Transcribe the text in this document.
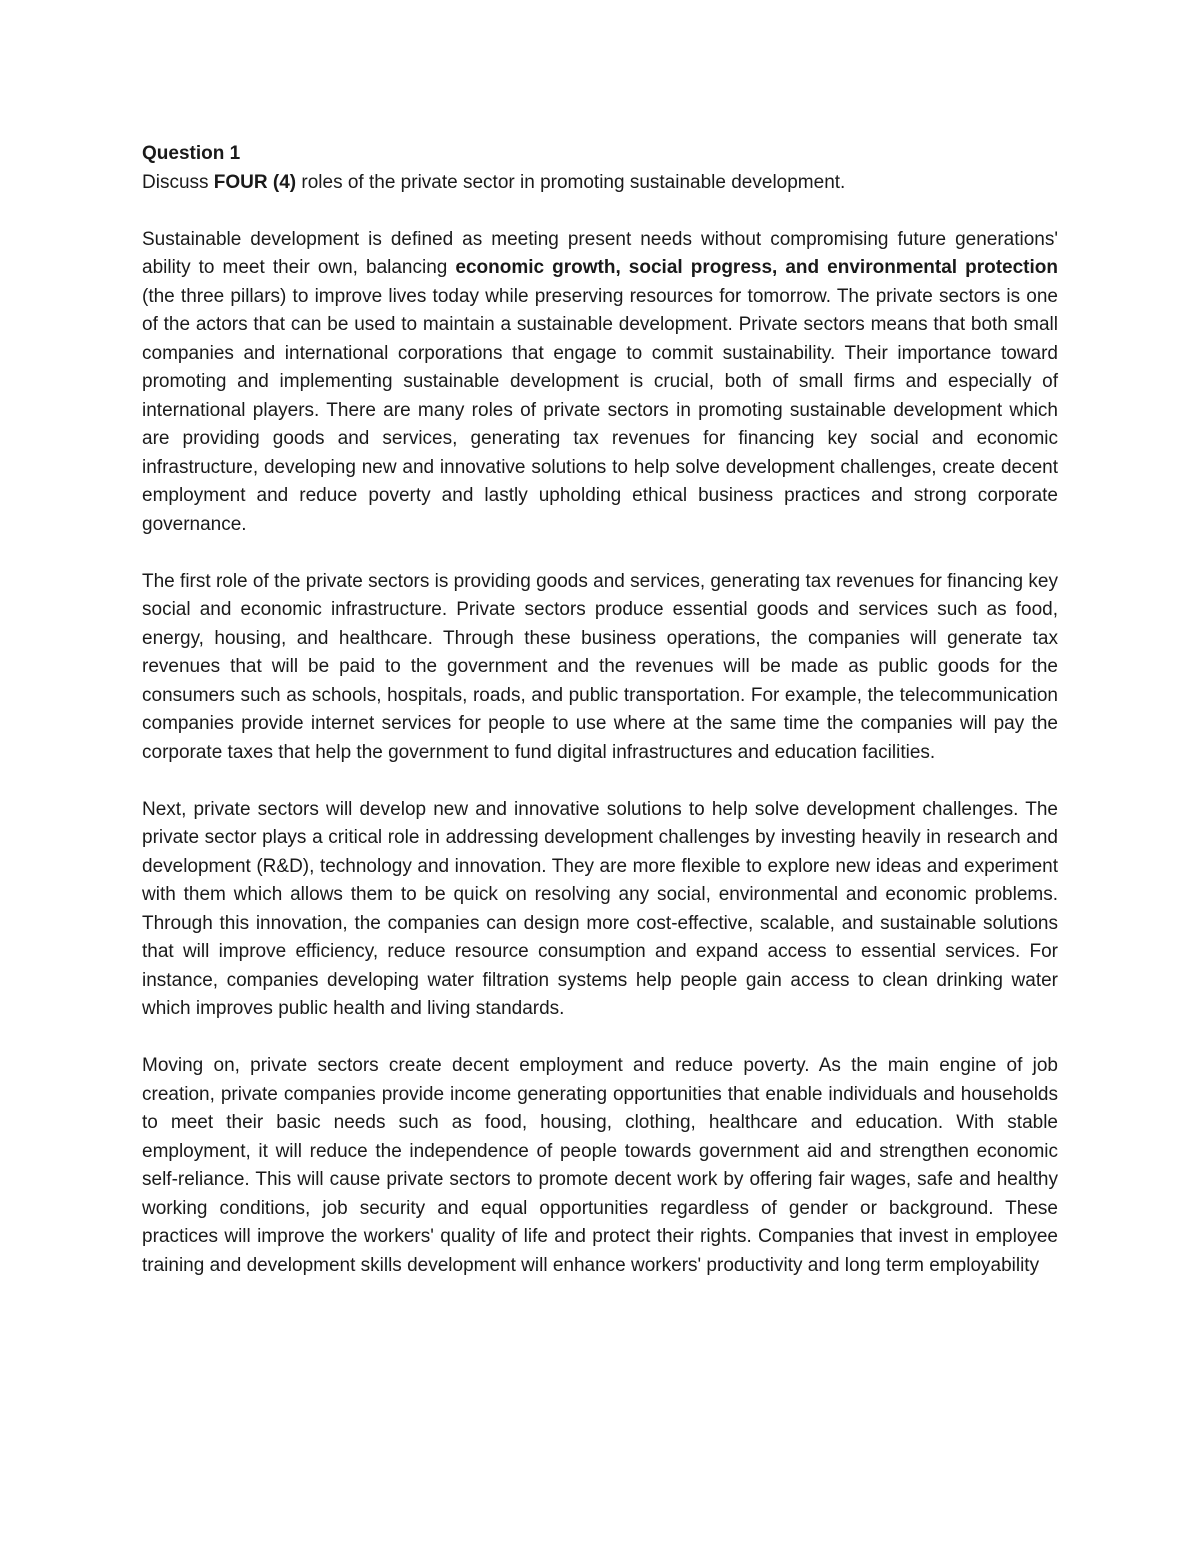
Question 1

Discuss FOUR (4) roles of the private sector in promoting sustainable development.

Sustainable development is defined as meeting present needs without compromising future generations' ability to meet their own, balancing economic growth, social progress, and environmental protection (the three pillars) to improve lives today while preserving resources for tomorrow. The private sectors is one of the actors that can be used to maintain a sustainable development. Private sectors means that both small companies and international corporations that engage to commit sustainability. Their importance toward promoting and implementing sustainable development is crucial, both of small firms and especially of international players. There are many roles of private sectors in promoting sustainable development which are providing goods and services, generating tax revenues for financing key social and economic infrastructure, developing new and innovative solutions to help solve development challenges, create decent employment and reduce poverty and lastly upholding ethical business practices and strong corporate governance.

The first role of the private sectors is providing goods and services, generating tax revenues for financing key social and economic infrastructure. Private sectors produce essential goods and services such as food, energy, housing, and healthcare. Through these business operations, the companies will generate tax revenues that will be paid to the government and the revenues will be made as public goods for the consumers such as schools, hospitals, roads, and public transportation. For example, the telecommunication companies provide internet services for people to use where at the same time the companies will pay the corporate taxes that help the government to fund digital infrastructures and education facilities.

Next, private sectors will develop new and innovative solutions to help solve development challenges. The private sector plays a critical role in addressing development challenges by investing heavily in research and development (R&D), technology and innovation. They are more flexible to explore new ideas and experiment with them which allows them to be quick on resolving any social, environmental and economic problems. Through this innovation, the companies can design more cost-effective, scalable, and sustainable solutions that will improve efficiency, reduce resource consumption and expand access to essential services. For instance, companies developing water filtration systems help people gain access to clean drinking water which improves public health and living standards.

Moving on, private sectors create decent employment and reduce poverty. As the main engine of job creation, private companies provide income generating opportunities that enable individuals and households to meet their basic needs such as food, housing, clothing, healthcare and education. With stable employment, it will reduce the independence of people towards government aid and strengthen economic self-reliance. This will cause private sectors to promote decent work by offering fair wages, safe and healthy working conditions, job security and equal opportunities regardless of gender or background. These practices will improve the workers' quality of life and protect their rights. Companies that invest in employee training and development skills development will enhance workers' productivity and long term employability
